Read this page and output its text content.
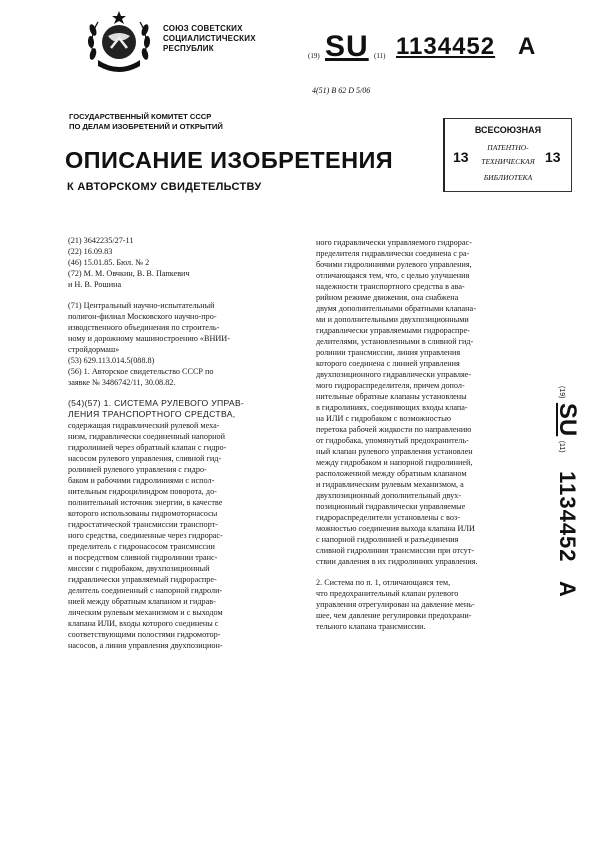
СОЮЗ СОВЕТСКИХ
СОЦИАЛИСТИЧЕСКИХ
РЕСПУБЛИК
(19) SU (11) 1134452 A
4(51) В 62 D 5/06
ГОСУДАРСТВЕННЫЙ КОМИТЕТ СССР
ПО ДЕЛАМ ИЗОБРЕТЕНИЙ И ОТКРЫТИЙ	ВСЕСОЮЗНАЯ
ПАТЕНТНО-
ТЕХНИЧЕСКАЯ
БИБЛИОТЕКА
13	13
ОПИСАНИЕ ИЗОБРЕТЕНИЯ
К АВТОРСКОМУ СВИДЕТЕЛЬСТВУ
(21) 3642235/27-11
(22) 16.09.83
(46) 15.01.85. Бюл. № 2
(72) М. М. Овчкин, В. В. Папкевич
и Н. В. Рошина
(71) Центральный научно-испытательный
полигон-филиал Московского научно-про-
изводственного объединения по строитель-
ному и дорожному машиностроению «ВНИИ-
стройдормаш»
(53) 629.113.014.5(088.8)
(56) 1. Авторское свидетельство СССР по
заявке № 3486742/11, 30.08.82.
(54)(57) 1. СИСТЕМА РУЛЕВОГО УПРАВ-
ЛЕНИЯ ТРАНСПОРТНОГО СРЕДСТВА,
содержащая гидравлический рулевой меха-
низм, гидравлически соединенный напорной
гидролинией через обратный клапан с гидро-
насосом рулевого управления, сливной гид-
ролинией рулевого управления с гидро-
баком и рабочими гидролиниями с испол-
нительным гидроцилиндром поворота, до-
полнительный источник энергии, в качестве
которого использованы гидромоторнасосы
гидростатической трансмиссии транспорт-
ного средства, соединенные через гидрорас-
пределитель с гидронасосом трансмиссии
и посредством сливной гидролинии транс-
миссии с гидробаком, двухпозиционный
гидравлически управляемый гидрораспре-
делитель соединенный с напорной гидроли-
нией между обратным клапаном и гидрав-
лическим рулевым механизмом и с выходом
клапана ИЛИ, входы которого соединены с
соответствующими полостями гидромотор-
насосов, а линия управления двухпозицион-
ного гидравлически управляемого гидрорас-
пределителя гидравлически соединена с ра-
бочими гидролиниями рулевого управления,
отличающаяся тем, что, с целью улучшения
надежности транспортного средства в ава-
рийном режиме движения, она снабжена
двумя дополнительными обратными клапана-
ми и дополнительными двухпозиционными
гидравлически управляемыми гидрораспре-
делителями, установленными в сливной гид-
ролинии трансмиссии, линия управления
которого соединена с линией управления
двухпозиционного гидравлически управляе-
мого гидрораспределителя, причем допол-
нительные обратные клапаны установлены
в гидролиниях, соединяющих входы клапа-
на ИЛИ с гидробаком с возможностью
перетока рабочей жидкости по направлению
от гидробака, упомянутый предохранитель-
ный клапан рулевого управления установлен
между гидробаком и напорной гидролинией,
расположенной между обратным клапаном
и гидравлическим рулевым механизмом, а
двухпозиционный дополнительный двух-
позиционный гидравлически управляемые
гидрораспределители установлены с воз-
можностью соединения выхода клапана ИЛИ
с напорной гидролинией и разъединения
сливной гидролинии трансмиссии при отсут-
ствии давления в их гидролиниях управления.
2. Система по п. 1, отличающаяся тем,
что предохранительный клапан рулевого
управления отрегулирован на давление мень-
шее, чем давление регулировки предохрани-
тельного клапана трансмиссии.
(19) SU (11) 1134452 A
